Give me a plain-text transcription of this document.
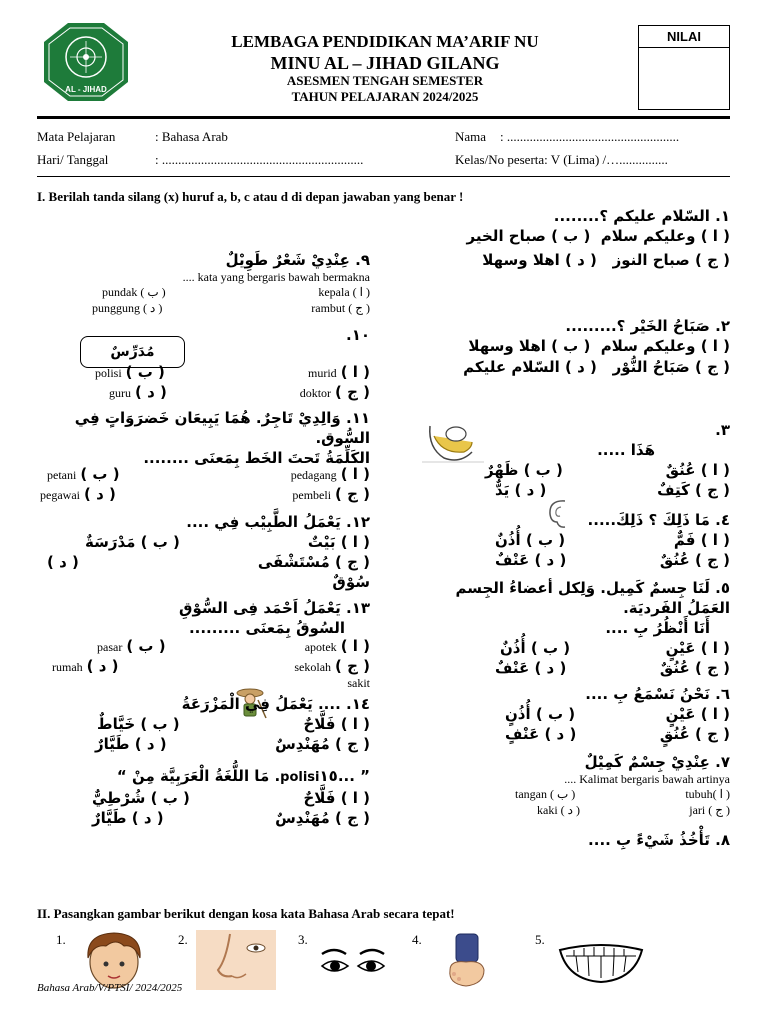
AL - JIHAD
LEMBAGA PENDIDIKAN MA’ARIF NU
MINU AL – JIHAD GILANG
ASESMEN TENGAH SEMESTER
TAHUN PELAJARAN 2024/2025
NILAI
Mata Pelajaran	: Bahasa Arab
Hari/ Tanggal	: ..............................................................
Nama : .....................................................
Kelas/No peserta: V (Lima) /…...............
I. Berilah tanda silang (x) huruf a, b, c atau d di depan jawaban yang benar !
١. السّلام عليكم ؟........
( ا ) وعليكم سلام  ( ب ) صباح الخير
( ج ) صباح النوز   ( د ) اهلا وسهلا
٢. صَبَاحُ الخَيْر ؟.........
( ا ) وعليكم سلام  ( ب ) اهلا وسهلا
( ج ) صَبَاحُ النُّوْر   ( د ) السّلام عليكم
٣.
هَذَا .....
( ا ) عُنُقٌ
( ب ) ظَهْرٌ
( ج ) كَتِفٌ
( د ) يَدٌّ
٤. مَا ذَلِكَ ؟ ذَلِكَ.....
( ا ) فَمٌّ
( ب ) أُذُنٌ
( ج ) عُنُقٌ
( د ) عَنْفٌ
٥. لَنَا جِسمٌ كَمِيل. وَلِكل أعضاءُ الجِسم العَمَلُ الفَرديَة.
أَنَا أَنْظُرُ بِ ....
( ا ) عَيْنٍ
( ب ) أُذُنٌ
( ج ) عُنُقٌ
( د ) عَنْفٌ
٦. نَحْنُ نَسْمَعُ بِ ....
( ا ) عَيْنٍ
( ب ) أُذُنٍ
( ج ) عُنُقٍ
( د ) عَنْفٍ
٧. عِنْدِيْ جِسْمٌ كَمِيْلٌ
.... Kalimat bergaris bawah artinya
tubuh( ا )
tangan ( ب )
jari ( ج )
kaki ( د )
٨. تَأْخُذُ شَيْءً بِ ....
٩. عِنْدِيْ شَعْرٌ طَوِيْلٌ
.... kata yang bergaris bawah bermakna
kepala ( ا )
pundak ( ب )
rambut ( ج )
punggung ( د )
١٠.
مُدَرِّسٌ
murid ( ا )
polisi ( ب )
doktor ( ج )
guru ( د )
١١. وَالِدِيْ تَاجِرٌ. هُمَا يَبِيعَان خَضرَوَاتٍ فِي السُّوق.
الكَلِّمَةُ تَحتَ الخَط بِمَعنَى ........
pedagang ( ا )
petani ( ب )
pembeli ( ج )
pegawai ( د )
١٢. يَعْمَلُ الطَّبِيْب فِي ....
( ا ) بَيْتٌ
( ب ) مَدْرَسَةٌ
( ج ) مُسْتَشْفَى
( د )
سُوْقٌ
١٣. يَعْمَلُ اَحْمَد فِى السُّوْقِ
السُوقُ بِمَعنَى .........
apotek ( ا )
pasar ( ب )
sekolah ( ج )
rumah ( د )
sakit
١٤. .... يَعْمَلُ فِي الْمَزْرَعَةُ
( ا ) فَلَّاحٌ
( ب ) خَيَّاطٌ
( ج ) مُهَنْدِسٌ
( د ) طَيَّارٌ
” ...polisi١٥. مَا اللُّغَةُ الْعَرَبِيَّة مِنْ “
( ا ) فَلَّاحٌ
( ب ) شُرْطِيٌّ
( ج ) مُهَنْدِسٌ
( د ) طَيَّارٌ
II. Pasangkan gambar berikut dengan kosa kata Bahasa Arab secara tepat!
1.	2.	3.	4.	5.
Bahasa Arab/V/PTSI/ 2024/2025
